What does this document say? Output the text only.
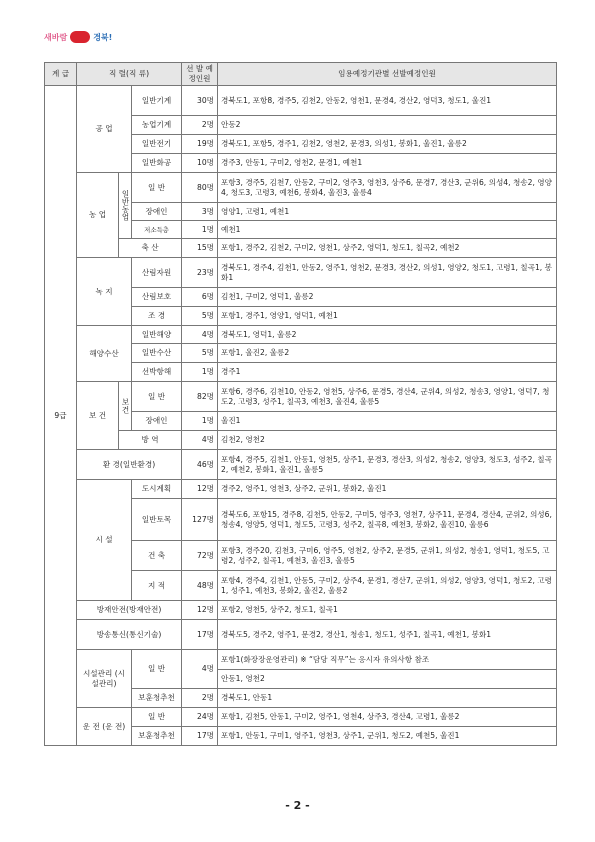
새바람	경북!
계 급	직 렬(직 류)			선 발 예정인원	임용예정기관별 선발예정인원
9급	공 업		일반기계	30명	경북도1, 포항8, 경주5, 김천2, 안동2, 영천1, 문경4, 경산2, 영덕3, 청도1, 울진1
			농업기계	2명	안동2
			일반전기	19명	경북도1, 포항5, 경주1, 김천2, 영천2, 문경3, 의성1, 봉화1, 울진1, 울릉2
			일반화공	10명	경주3, 안동1, 구미2, 영천2, 문경1, 예천1
	농 업	일반농업	일 반	80명	포항3, 경주5, 김천7, 안동2, 구미2, 영주3, 영천3, 상주6, 문경7, 경산3, 군위6, 의성4, 청송2, 영양4, 청도3, 고령3, 예천6, 봉화4, 울진3, 울릉4
			장애인	3명	영양1, 고령1, 예천1
			저소득층	1명	예천1
		축 산		15명	포항1, 경주2, 김천2, 구미2, 영천1, 상주2, 영덕1, 청도1, 칠곡2, 예천2
	녹 지		산림자원	23명	경북도1, 경주4, 김천1, 안동2, 영주1, 영천2, 문경3, 경산2, 의성1, 영양2, 청도1, 고령1, 칠곡1, 봉화1
			산림보호	6명	김천1, 구미2, 영덕1, 울릉2
			조 경	5명	포항1, 경주1, 영양1, 영덕1, 예천1
	해양수산		일반해양	4명	경북도1, 영덕1, 울릉2
			일반수산	5명	포항1, 울진2, 울릉2
			선박항해	1명	경주1
	보 건	보건	일 반	82명	포항6, 경주6, 김천10, 안동2, 영천5, 상주6, 문경5, 경산4, 군위4, 의성2, 청송3, 영양1, 영덕7, 청도2, 고령3, 성주1, 칠곡3, 예천3, 울진4, 울릉5
			장애인	1명	울진1
		방 역		4명	김천2, 영천2
	환 경(일반환경)			46명	포항4, 경주5, 김천1, 안동1, 영천5, 상주1, 문경3, 경산3, 의성2, 청송2, 영양3, 청도3, 성주2, 칠곡2, 예천2, 봉화1, 울진1, 울릉5
	시 설		도시계획	12명	경주2, 영주1, 영천3, 상주2, 군위1, 봉화2, 울진1
			일반토목	127명	경북도6, 포항15, 경주8, 김천5, 안동2, 구미5, 영주3, 영천7, 상주11, 문경4, 경산4, 군위2, 의성6, 청송4, 영양5, 영덕1, 청도5, 고령3, 성주2, 칠곡8, 예천3, 봉화2, 울진10, 울릉6
			건 축	72명	포항3, 경주20, 김천3, 구미6, 영주5, 영천2, 상주2, 문경5, 군위1, 의성2, 청송1, 영덕1, 청도5, 고령2, 성주2, 칠곡1, 예천3, 울진3, 울릉5
			지 적	48명	포항4, 경주4, 김천1, 안동5, 구미2, 상주4, 문경1, 경산7, 군위1, 의성2, 영양3, 영덕1, 청도2, 고령1, 성주1, 예천3, 봉화2, 울진2, 울릉2
	방재안전(방재안전)			12명	포항2, 영천5, 상주2, 청도1, 칠곡1
	방송통신(통신기술)			17명	경북도5, 경주2, 영주1, 문경2, 경산1, 청송1, 청도1, 성주1, 칠곡1, 예천1, 봉화1
	시설관리 (시설관리)		일 반	4명	포항1(화장장운영관리) ※ “담당 직무”는 응시자 유의사항 참조
					안동1, 영천2
			보훈청추천	2명	경북도1, 안동1
	운 전 (운 전)		일 반	24명	포항1, 김천5, 안동1, 구미2, 영주1, 영천4, 상주3, 경산4, 고령1, 울릉2
			보훈청추천	17명	포항1, 안동1, 구미1, 영주1, 영천3, 상주1, 군위1, 청도2, 예천5, 울진1
- 2 -
